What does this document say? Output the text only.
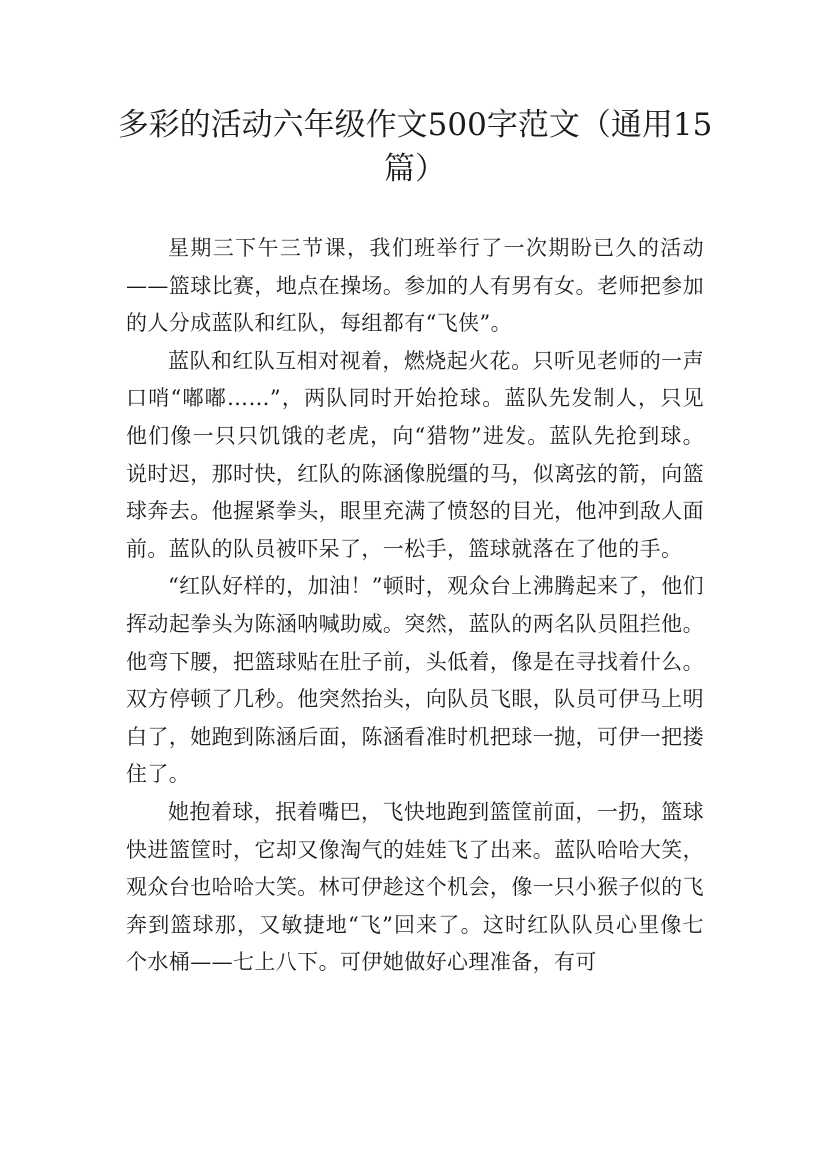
多彩的活动六年级作文500字范文（通用15篇）

星期三下午三节课，我们班举行了一次期盼已久的活动——篮球比赛，地点在操场。参加的人有男有女。老师把参加的人分成蓝队和红队，每组都有“飞侠”。

蓝队和红队互相对视着，燃烧起火花。只听见老师的一声口哨“嘟嘟……”，两队同时开始抢球。蓝队先发制人，只见他们像一只只饥饿的老虎，向“猎物”进发。蓝队先抢到球。说时迟，那时快，红队的陈涵像脱缰的马，似离弦的箭，向篮球奔去。他握紧拳头，眼里充满了愤怒的目光，他冲到敌人面前。蓝队的队员被吓呆了，一松手，篮球就落在了他的手。

“红队好样的，加油！”顿时，观众台上沸腾起来了，他们挥动起拳头为陈涵呐喊助威。突然，蓝队的两名队员阻拦他。他弯下腰，把篮球贴在肚子前，头低着，像是在寻找着什么。双方停顿了几秒。他突然抬头，向队员飞眼，队员可伊马上明白了，她跑到陈涵后面，陈涵看准时机把球一抛，可伊一把搂住了。

她抱着球，抿着嘴巴，飞快地跑到篮筐前面，一扔，篮球快进篮筐时，它却又像淘气的娃娃飞了出来。蓝队哈哈大笑，观众台也哈哈大笑。林可伊趁这个机会，像一只小猴子似的飞奔到篮球那，又敏捷地“飞”回来了。这时红队队员心里像七个水桶——七上八下。可伊她做好心理准备，有可
